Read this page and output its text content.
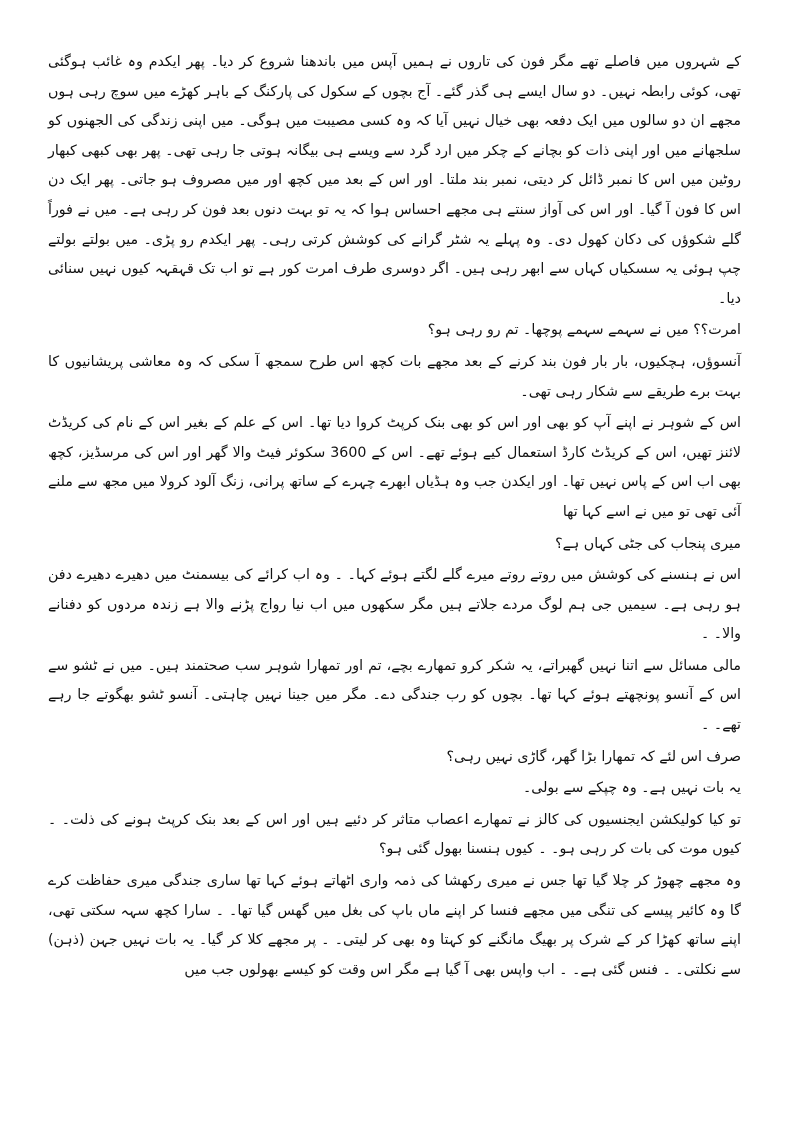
کے شہروں میں فاصلے تھے مگر فون کی تاروں نے ہمیں آپس میں باندھنا شروع کر دیا۔ پھر ایکدم وہ غائب ہوگئی تھی، کوئی رابطہ نہیں۔ دو سال ایسے ہی گذر گئے۔ آج بچوں کے سکول کی پارکنگ کے باہر کھڑے میں سوچ رہی ہوں مجھے ان دو سالوں میں ایک دفعہ بھی خیال نہیں آیا کہ وہ کسی مصیبت میں ہوگی۔ میں اپنی زندگی کی الجھنوں کو سلجھانے میں اور اپنی ذات کو بچانے کے چکر میں ارد گرد سے ویسے ہی بیگانہ ہوتی جا رہی تھی۔ پھر بھی کبھی کبھار روٹین میں اس کا نمبر ڈائل کر دیتی، نمبر بند ملتا۔ اور اس کے بعد میں کچھ اور میں مصروف ہو جاتی۔ پھر ایک دن اس کا فون آ گیا۔ اور اس کی آواز سنتے ہی مجھے احساس ہوا کہ یہ تو بہت دنوں بعد فون کر رہی ہے۔ میں نے فوراً گلے شکوؤں کی دکان کھول دی۔ وہ پہلے یہ شٹر گرانے کی کوشش کرتی رہی۔ پھر ایکدم رو پڑی۔ میں بولتے بولتے چپ ہوئی یہ سسکیاں کہاں سے ابھر رہی ہیں۔ اگر دوسری طرف امرت کور ہے تو اب تک قہقہہ کیوں نہیں سنائی دیا۔

امرت؟؟ میں نے سہمے سہمے پوچھا۔ تم رو رہی ہو؟

آنسوؤں، ہچکیوں، بار بار فون بند کرنے کے بعد مجھے بات کچھ اس طرح سمجھ آ سکی کہ وہ معاشی پریشانیوں کا بہت برے طریقے سے شکار رہی تھی۔

اس کے شوہر نے اپنے آپ کو بھی اور اس کو بھی بنک کرپٹ کروا دیا تھا۔ اس کے علم کے بغیر اس کے نام کی کریڈٹ لائنز تھیں، اس کے کریڈٹ کارڈ استعمال کیے ہوئے تھے۔ اس کے 3600 سکوئر فیٹ والا گھر اور اس کی مرسڈیز، کچھ بھی اب اس کے پاس نہیں تھا۔ اور ایکدن جب وہ ہڈیاں ابھرے چہرے کے ساتھ پرانی، زنگ آلود کرولا میں مجھ سے ملنے آئی تھی تو میں نے اسے کہا تھا

میری پنجاب کی جٹی کہاں ہے؟

اس نے ہنسنے کی کوشش میں روتے روتے میرے گلے لگتے ہوئے کہا۔ ۔ وہ اب کرائے کی بیسمنٹ میں دھیرے دھیرے دفن ہو رہی ہے۔ سیمیں جی ہم لوگ مردے جلاتے ہیں مگر سکھوں میں اب نیا رواج پڑنے والا ہے زندہ مردوں کو دفنانے والا۔ ۔

مالی مسائل سے اتنا نہیں گھبراتے، یہ شکر کرو تمھارے بچے، تم اور تمھارا شوہر سب صحتمند ہیں۔ میں نے ٹشو سے اس کے آنسو پونچھتے ہوئے کہا تھا۔ بچوں کو رب جندگی دے۔ مگر میں جینا نہیں چاہتی۔ آنسو ٹشو بھگوتے جا رہے تھے۔ ۔

صرف اس لئے کہ تمھارا بڑا گھر، گاڑی نہیں رہی؟

یہ بات نہیں ہے۔ وہ چپکے سے بولی۔

تو کیا کولیکشن ایجنسیوں کی کالز نے تمھارے اعصاب متاثر کر دئیے ہیں اور اس کے بعد بنک کرپٹ ہونے کی ذلت۔ ۔ کیوں موت کی بات کر رہی ہو۔ ۔ کیوں ہنسنا بھول گئی ہو؟

وہ مجھے چھوڑ کر چلا گیا تھا جس نے میری رکھشا کی ذمہ واری اٹھاتے ہوئے کہا تھا ساری جندگی میری حفاظت کرے گا وہ کائیر پیسے کی تنگی میں مجھے فنسا کر اپنے ماں باپ کی بغل میں گھس گیا تھا۔ ۔ سارا کچھ سہہ سکتی تھی، اپنے ساتھ کھڑا کر کے شرک پر بھیگ مانگنے کو کہتا وہ بھی کر لیتی۔ ۔ پر مجھے کلا کر گیا۔ یہ بات نہیں جہن (ذہن) سے نکلتی۔ ۔ فنس گئی ہے۔ ۔ اب واپس بھی آ گیا ہے مگر اس وقت کو کیسے بھولوں جب میں
